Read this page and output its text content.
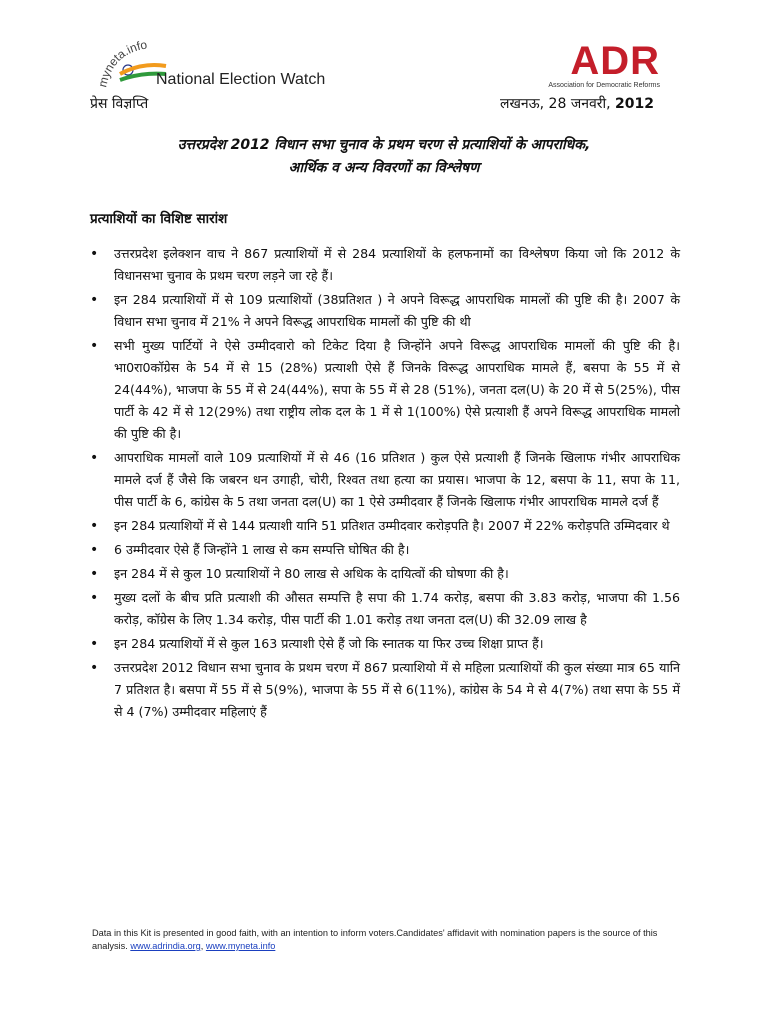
myneta.info
National Election Watch	ADR
Association for Democratic Reforms
प्रेस विज्ञप्ति	लखनऊ, 28 जनवरी, 2012
उत्तरप्रदेश 2012 विधान सभा चुनाव के प्रथम चरण से प्रत्याशियों के आपराधिक,
आर्थिक व अन्य विवरणों का विश्लेषण
प्रत्याशियों का विशिष्ट सारांश
• उत्तरप्रदेश इलेक्शन वाच ने 867 प्रत्याशियों में से 284 प्रत्याशियों के हलफनामों का विश्लेषण किया जो कि 2012 के विधानसभा चुनाव के प्रथम चरण लड़ने जा रहे हैं।
• इन 284 प्रत्याशियों में से 109 प्रत्याशियों (38प्रतिशत ) ने अपने विरूद्ध आपराधिक मामलों की पुष्टि की है। 2007 के विधान सभा चुनाव में 21% ने अपने विरूद्ध आपराधिक मामलों की पुष्टि की थी
• सभी मुख्य पार्टियों ने ऐसे उम्मीदवारो को टिकेट दिया है जिन्होंने अपने विरूद्ध आपराधिक मामलों की पुष्टि की है। भा0रा0कॉग्रेस के 54 में से 15 (28%) प्रत्याशी ऐसे हैं जिनके विरूद्ध आपराधिक मामले हैं, बसपा के 55 में से 24(44%), भाजपा के 55 में से 24(44%), सपा के 55 में से 28 (51%), जनता दल(U) के 20 में से 5(25%), पीस पार्टी के 42 में से 12(29%) तथा राष्ट्रीय लोक दल के 1 में से 1(100%) ऐसे प्रत्याशी हैं अपने विरूद्ध आपराधिक मामलो की पुष्टि की है।
• आपराधिक मामलों वाले 109 प्रत्याशियों में से 46 (16 प्रतिशत ) कुल ऐसे प्रत्याशी हैं जिनके खिलाफ गंभीर आपराधिक मामले दर्ज हैं जैसे कि जबरन धन उगाही, चोरी, रिश्वत तथा हत्या का प्रयास। भाजपा के 12, बसपा के 11, सपा के 11, पीस पार्टी के 6, कांग्रेस के 5 तथा जनता दल(U) का 1 ऐसे उम्मीदवार हैं जिनके खिलाफ गंभीर आपराधिक मामले दर्ज हैं
• इन 284 प्रत्याशियों में से 144 प्रत्याशी यानि 51 प्रतिशत उम्मीदवार करोड़पति है। 2007 में 22% करोड़पति उम्मिदवार थे
• 6 उम्मीदवार ऐसे हैं जिन्होंने 1 लाख से कम सम्पत्ति घोषित की है।
• इन 284 में से कुल 10 प्रत्याशियों ने 80 लाख से अधिक के दायित्वों की घोषणा की है।
• मुख्य दलों के बीच प्रति प्रत्याशी की औसत सम्पत्ति है सपा की 1.74 करोड़, बसपा की 3.83 करोड़, भाजपा की 1.56 करोड़, कॉग्रेस के लिए 1.34 करोड़, पीस पार्टी की 1.01 करोड़ तथा जनता दल(U) की 32.09 लाख है
• इन 284 प्रत्याशियों में से कुल 163 प्रत्याशी ऐसे हैं जो कि स्नातक या फिर उच्च शिक्षा प्राप्त हैं।
• उत्तरप्रदेश 2012 विधान सभा चुनाव के प्रथम चरण में 867 प्रत्याशियो में से महिला प्रत्याशियों की कुल संख्या मात्र 65 यानि 7 प्रतिशत है। बसपा में 55 में से 5(9%), भाजपा के 55 में से 6(11%), कांग्रेस के 54 मे से 4(7%) तथा सपा के 55 में से 4 (7%) उम्मीदवार महिलाएं हैं
Data in this Kit is presented in good faith, with an intention to inform voters.Candidates' affidavit with nomination papers is the source of this analysis. www.adrindia.org, www.myneta.info
